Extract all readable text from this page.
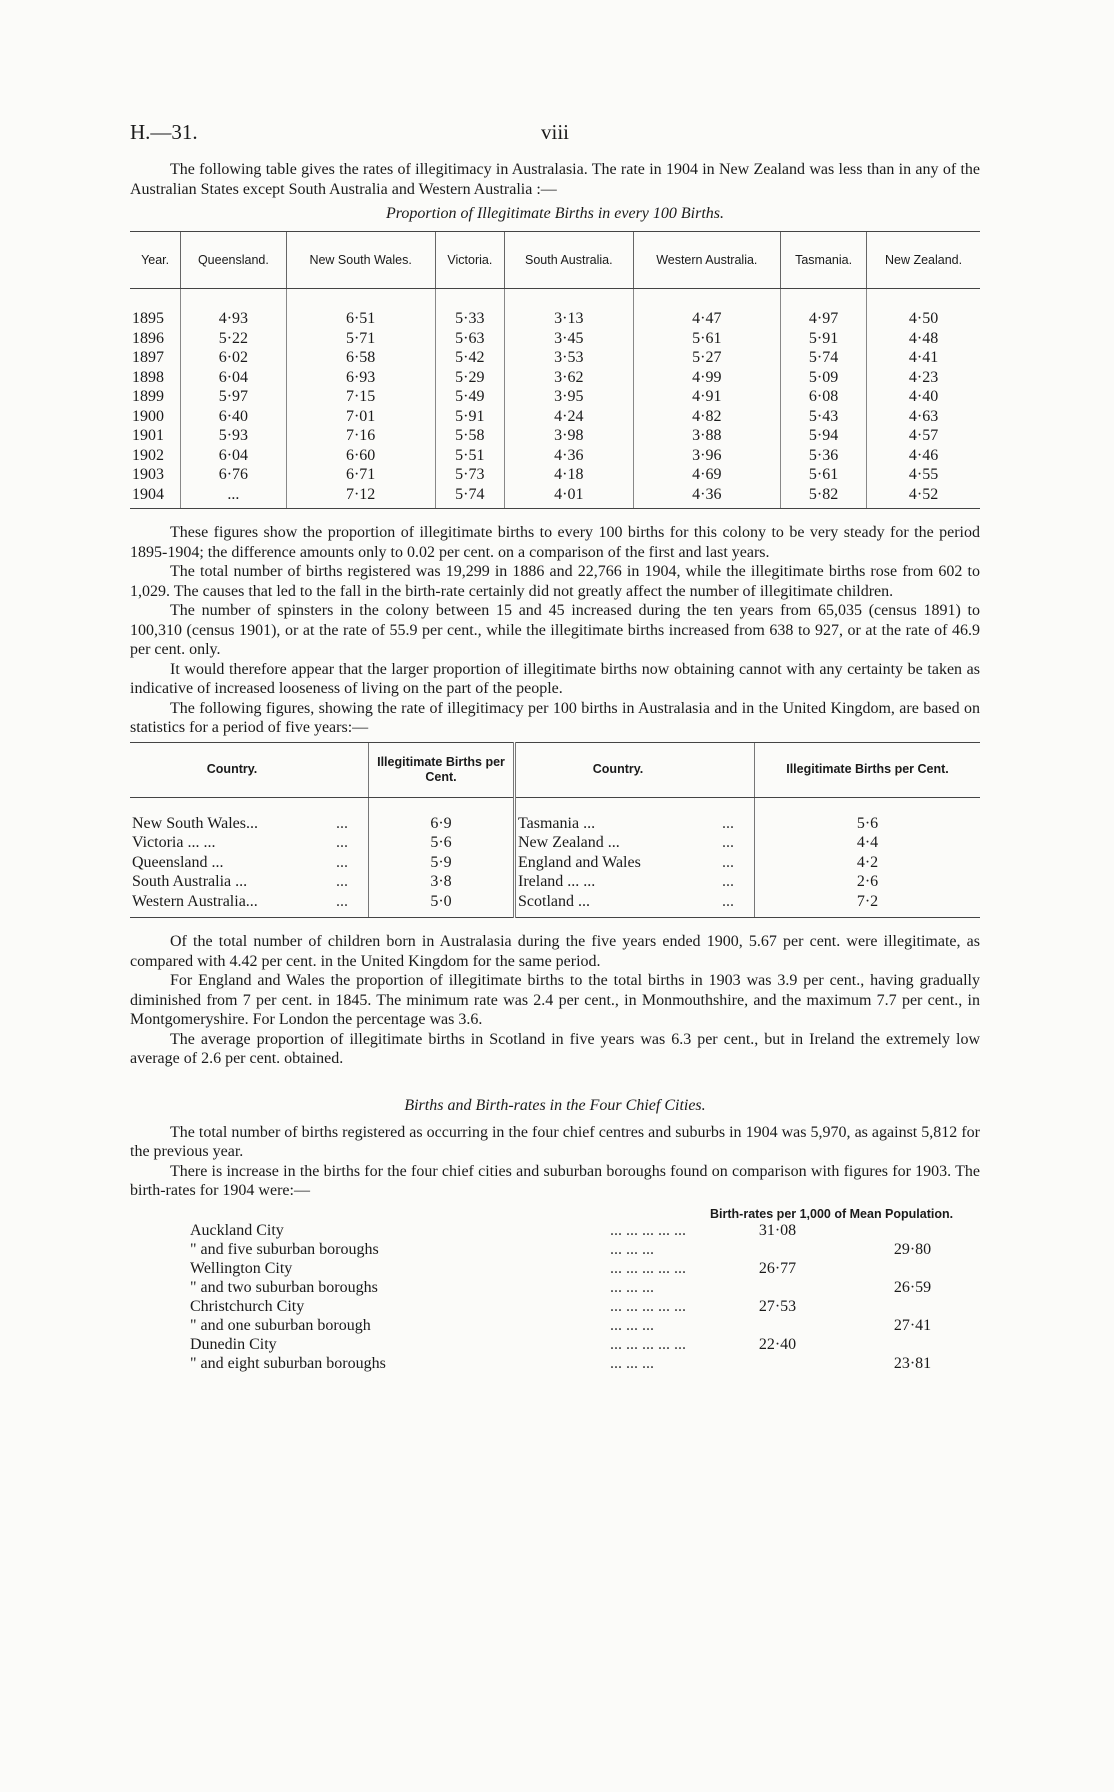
H.—31.	viii

The following table gives the rates of illegitimacy in Australasia. The rate in 1904 in New Zealand was less than in any of the Australian States except South Australia and Western Australia :—

Proportion of Illegitimate Births in every 100 Births.
Year.	Queensland.	New South Wales.	Victoria.	South Australia.	Western Australia.	Tasmania.	New Zealand.

1895	4·93	6·51	5·33	3·13	4·47	4·97	4·50
1896	5·22	5·71	5·63	3·45	5·61	5·91	4·48
1897	6·02	6·58	5·42	3·53	5·27	5·74	4·41
1898	6·04	6·93	5·29	3·62	4·99	5·09	4·23
1899	5·97	7·15	5·49	3·95	4·91	6·08	4·40
1900	6·40	7·01	5·91	4·24	4·82	5·43	4·63
1901	5·93	7·16	5·58	3·98	3·88	5·94	4·57
1902	6·04	6·60	5·51	4·36	3·96	5·36	4·46
1903	6·76	6·71	5·73	4·18	4·69	5·61	4·55
1904	...	7·12	5·74	4·01	4·36	5·82	4·52

These figures show the proportion of illegitimate births to every 100 births for this colony to be very steady for the period 1895-1904; the difference amounts only to 0.02 per cent. on a comparison of the first and last years.

The total number of births registered was 19,299 in 1886 and 22,766 in 1904, while the illegitimate births rose from 602 to 1,029. The causes that led to the fall in the birth-rate certainly did not greatly affect the number of illegitimate children.

The number of spinsters in the colony between 15 and 45 increased during the ten years from 65,035 (census 1891) to 100,310 (census 1901), or at the rate of 55.9 per cent., while the illegitimate births increased from 638 to 927, or at the rate of 46.9 per cent. only.

It would therefore appear that the larger proportion of illegitimate births now obtaining cannot with any certainty be taken as indicative of increased looseness of living on the part of the people.

The following figures, showing the rate of illegitimacy per 100 births in Australasia and in the United Kingdom, are based on statistics for a period of five years:—

Country.		Illegitimate Births per Cent.	Country.		Illegitimate Births per Cent.

New South Wales...	...	6·9	Tasmania ...	...	5·6
Victoria ... ...	...	5·6	New Zealand ...	...	4·4
Queensland ...	...	5·9	England and Wales	...	4·2
South Australia ...	...	3·8	Ireland ... ...	...	2·6
Western Australia...	...	5·0	Scotland ...	...	7·2

Of the total number of children born in Australasia during the five years ended 1900, 5.67 per cent. were illegitimate, as compared with 4.42 per cent. in the United Kingdom for the same period.

For England and Wales the proportion of illegitimate births to the total births in 1903 was 3.9 per cent., having gradually diminished from 7 per cent. in 1845. The minimum rate was 2.4 per cent., in Monmouthshire, and the maximum 7.7 per cent., in Montgomeryshire. For London the percentage was 3.6.

The average proportion of illegitimate births in Scotland in five years was 6.3 per cent., but in Ireland the extremely low average of 2.6 per cent. obtained.

Births and Birth-rates in the Four Chief Cities.

The total number of births registered as occurring in the four chief centres and suburbs in 1904 was 5,970, as against 5,812 for the previous year.

There is increase in the births for the four chief cities and suburban boroughs found on comparison with figures for 1903. The birth-rates for 1904 were:—

			Birth-rates per 1,000 of Mean Population.	
	Auckland City	... ... ... ... ...	31·08	
	" and five suburban boroughs	... ... ...		29·80
	Wellington City	... ... ... ... ...	26·77	
	" and two suburban boroughs	... ... ...		26·59
	Christchurch City	... ... ... ... ...	27·53	
	" and one suburban borough	... ... ...		27·41
	Dunedin City	... ... ... ... ...	22·40	
	" and eight suburban boroughs	... ... ...		23·81
